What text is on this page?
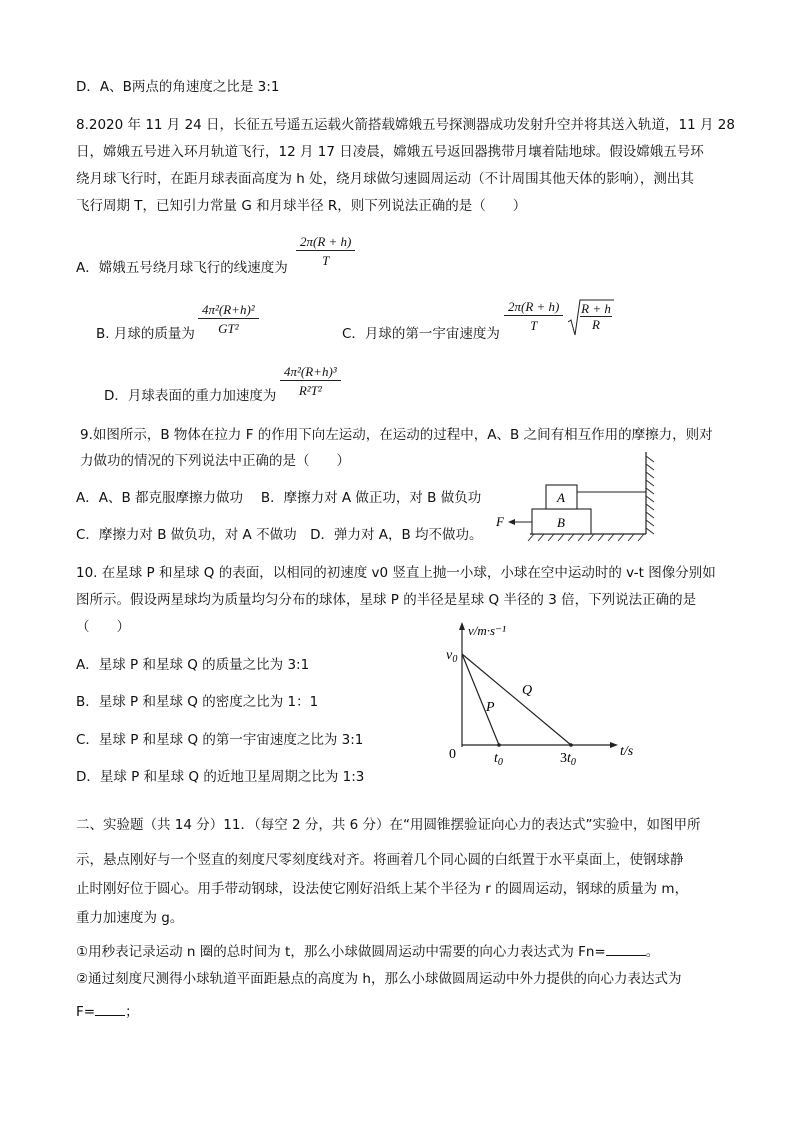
D．A、B两点的角速度之比是 3:1
8.2020 年 11 月 24 日，长征五号遥五运载火箭搭载嫦娥五号探测器成功发射升空并将其送入轨道，11 月 28
日，嫦娥五号进入环月轨道飞行，12 月 17 日凌晨，嫦娥五号返回器携带月壤着陆地球。假设嫦娥五号环
绕月球飞行时，在距月球表面高度为 h 处，绕月球做匀速圆周运动（不计周围其他天体的影响），测出其
飞行周期 T，已知引力常量 G 和月球半径 R，则下列说法正确的是（　　）
A．嫦娥五号绕月球飞行的线速度为 $\frac{2\pi(R + h)}{T}$
B. 月球的质量为 $\frac{\text{4π²(R+h)²}}{\text{GT²}}$	C．月球的第一宇宙速度为 $\frac{2\pi(R + h)}{T} \frac{R + h}{R}$
D．月球表面的重力加速度为 $\frac{\text{4π²(R+h)³}}{\text{R²T²}}$
9.如图所示，B 物体在拉力 F 的作用下向左运动，在运动的过程中，A、B 之间有相互作用的摩擦力，则对
力做功的情况的下列说法中正确的是（　　）
A．A、B 都克服摩擦力做功　 B．摩擦力对 A 做正功，对 B 做负功
C．摩擦力对 B 做负功，对 A 不做功　D．弹力对 A，B 均不做功。
B
A
F
10. 在星球 P 和星球 Q 的表面，以相同的初速度 v0 竖直上抛一小球，小球在空中运动时的 v-t 图像分别如
图所示。假设两星球均为质量均匀分布的球体，星球 P 的半径是星球 Q 半径的 3 倍，下列说法正确的是
（　　）
A．星球 P 和星球 Q 的质量之比为 3:1
B．星球 P 和星球 Q 的密度之比为 1：1
C．星球 P 和星球 Q 的第一宇宙速度之比为 3:1
D．星球 P 和星球 Q 的近地卫星周期之比为 1:3
v/m·s⁻¹
t/s
0
$v_0$
P
Q
$t_0$	$3t_0$
二、实验题（共 14 分）11．（每空 2 分，共 6 分）在“用圆锥摆验证向心力的表达式”实验中，如图甲所
示，悬点刚好与一个竖直的刻度尺零刻度线对齐。将画着几个同心圆的白纸置于水平桌面上，使钢球静
止时刚好位于圆心。用手带动钢球，设法使它刚好沿纸上某个半径为 r 的圆周运动，钢球的质量为 m，
重力加速度为 g。
①用秒表记录运动 n 圈的总时间为 t，那么小球做圆周运动中需要的向心力表达式为 Fn=	。
②通过刻度尺测得小球轨道平面距悬点的高度为 h，那么小球做圆周运动中外力提供的向心力表达式为
F= ；
